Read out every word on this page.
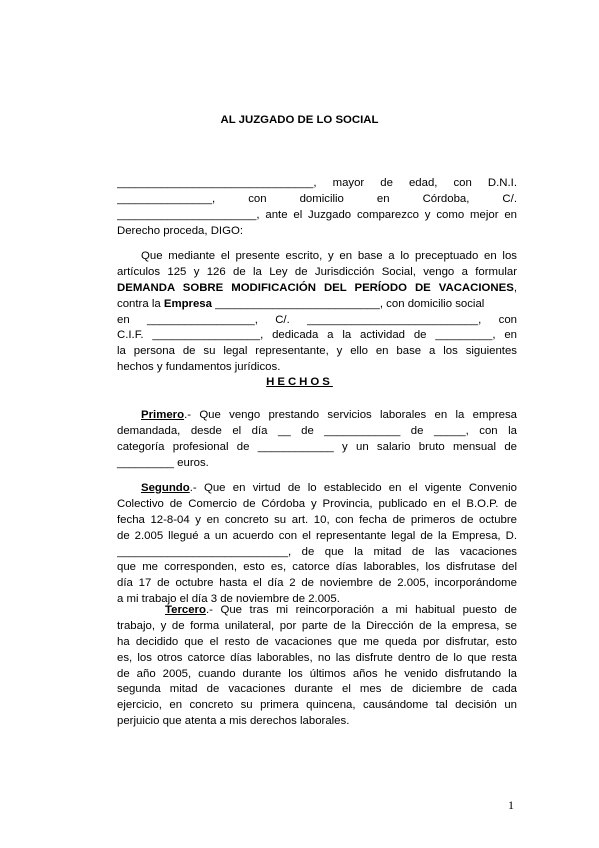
AL JUZGADO DE LO SOCIAL
_______________________________, mayor de edad, con D.N.I.
_______________, con domicilio en Córdoba, C/.
______________________, ante el Juzgado comparezco y como mejor en
Derecho proceda, DIGO:
Que mediante el presente escrito, y en base a lo preceptuado en los
artículos 125 y 126 de la Ley de Jurisdicción Social, vengo a formular
DEMANDA SOBRE MODIFICACIÓN DEL PERÍODO DE VACACIONES,
contra la Empresa __________________________, con domicilio social
en _________________, C/. ___________________________, con
C.I.F. _________________, dedicada a la actividad de _________, en
la persona de su legal representante, y ello en base a los siguientes
hechos y fundamentos jurídicos.
HECHOS
Primero.- Que vengo prestando servicios laborales en la empresa
demandada, desde el día __ de ____________ de _____, con la
categoría profesional de ____________ y un salario bruto mensual de
_________ euros.
Segundo.- Que en virtud de lo establecido en el vigente Convenio
Colectivo de Comercio de Córdoba y Provincia, publicado en el B.O.P. de
fecha 12-8-04 y en concreto su art. 10, con fecha de primeros de octubre
de 2.005 llegué a un acuerdo con el representante legal de la Empresa, D.
___________________________, de que la mitad de las vacaciones
que me corresponden, esto es, catorce días laborables, los disfrutase del
día 17 de octubre hasta el día 2 de noviembre de 2.005, incorporándome
a mi trabajo el día 3 de noviembre de 2.005.
Tercero.- Que tras mi reincorporación a mi habitual puesto de
trabajo, y de forma unilateral, por parte de la Dirección de la empresa, se
ha decidido que el resto de vacaciones que me queda por disfrutar, esto
es, los otros catorce días laborables, no las disfrute dentro de lo que resta
de año 2005, cuando durante los últimos años he venido disfrutando la
segunda mitad de vacaciones durante el mes de diciembre de cada
ejercicio, en concreto su primera quincena, causándome tal decisión un
perjuicio que atenta a mis derechos laborales.
1
